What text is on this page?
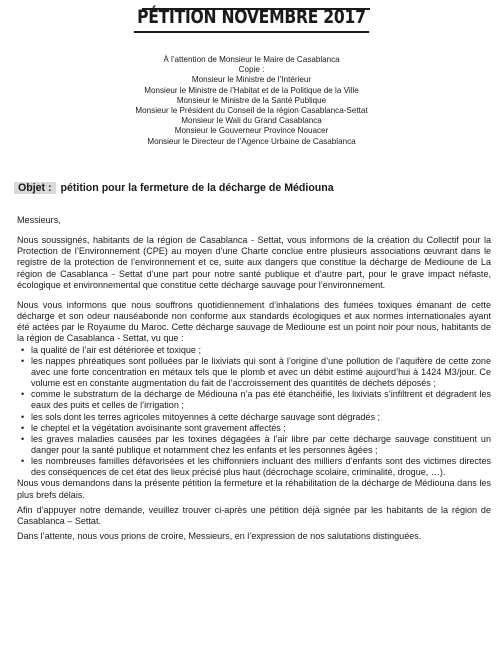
PÉTITION NOVEMBRE 2017
À l’attention de Monsieur le Maire de Casablanca
Copie :
Monsieur le Ministre de l’Intérieur
Monsieur le Ministre de l’Habitat et de la Politique de la Ville
Monsieur le Ministre de la Santé Publique
Monsieur le Président du Conseil de la région Casablanca-Settat
Monsieur le Wali du Grand Casablanca
Monsieur le Gouverneur Province Nouacer
Monsieur le Directeur de l’Agence Urbaine de Casablanca
Objet : pétition pour la fermeture de la décharge de Médiouna

Messieurs,

Nous soussignés, habitants de la région de Casablanca - Settat, vous informons de la création du Collectif pour la Protection de l’Environnement (CPE) au moyen d’une Charte conclue entre plusieurs associations œuvrant dans le registre de la protection de l’environnement et ce, suite aux dangers que constitue la décharge de Medioune de La région de Casablanca - Settat d’une part pour notre santé publique et d’autre part, pour le grave impact néfaste, écologique et environnemental que constitue cette décharge sauvage pour l’environnement.

Nous vous informons que nous souffrons quotidiennement d’inhalations des fumées toxiques émanant de cette décharge et son odeur nauséabonde non conforme aux standards écologiques et aux normes internationales ayant été actées par le Royaume du Maroc. Cette décharge sauvage de Medioune est un point noir pour nous, habitants de la région de Casablanca - Settat, vu que :

• la qualité de l’air est détériorée et toxique ;
• les nappes phréatiques sont polluées par le lixiviats qui sont à l’origine d’une pollution de l’aquifère de cette zone avec une forte concentration en métaux tels que le plomb et avec un débit estimé aujourd’hui à 1424 M3/jour. Ce volume est en constante augmentation du fait de l’accroissement des quantités de déchets déposés ;
• comme le substratum de la décharge de Médiouna n’a pas été étanchéifié, les lixiviats s’infiltrent et dégradent les eaux des puits et celles de l’irrigation ;
• les sols dont les terres agricoles mitoyennes à cette décharge sauvage sont dégradés ;
• le cheptel et la végétation avoisinante sont gravement affectés ;
• les graves maladies causées par les toxines dégagées à l’air libre par cette décharge sauvage constituent un danger pour la santé publique et notamment chez les enfants et les personnes âgées ;
• les nombreuses familles défavorisées et les chiffonniers incluant des milliers d’enfants sont des victimes directes des conséquences de cet état des lieux précisé plus haut (décrochage scolaire, criminalité, drogue, …).

Nous vous demandons dans la présente pétition la fermeture et la réhabilitation de la décharge de Médiouna dans les plus brefs délais.

Afin d’appuyer notre demande, veuillez trouver ci-après une pétition déjà signée par les habitants de la région de Casablanca – Settat.

Dans l’attente, nous vous prions de croire, Messieurs, en l’expression de nos salutations distinguées.
